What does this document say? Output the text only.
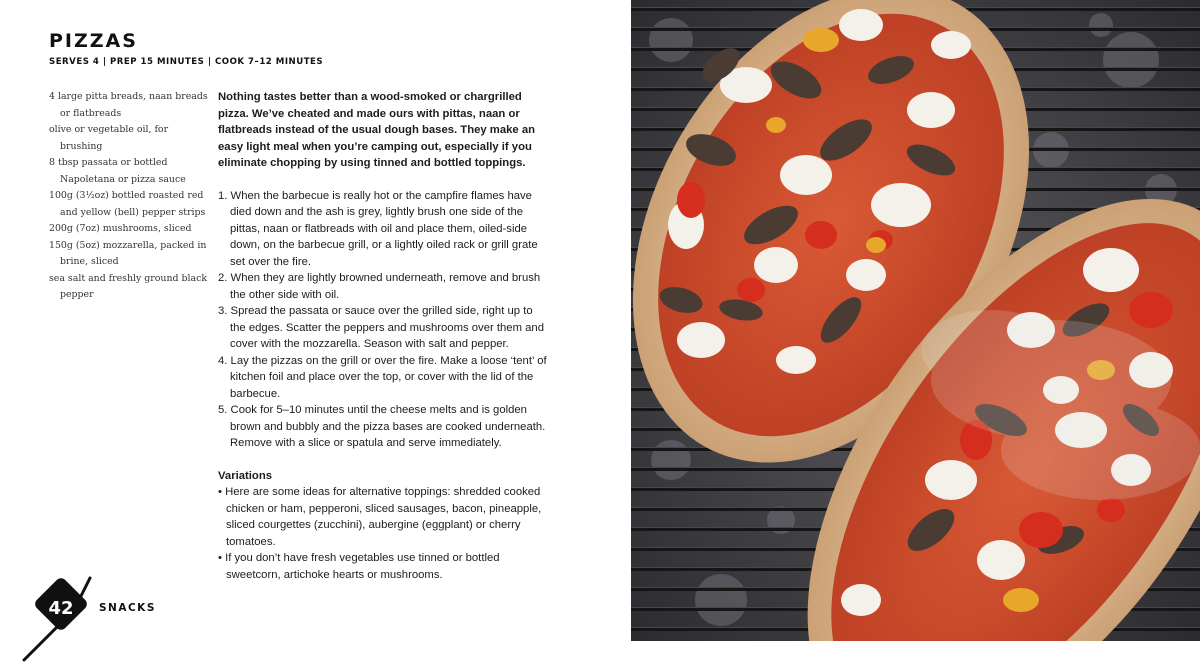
PIZZAS
SERVES 4 | PREP 15 MINUTES | COOK 7–12 MINUTES
4 large pitta breads, naan breads or flatbreads
olive or vegetable oil, for brushing
8 tbsp passata or bottled Napoletana or pizza sauce
100g (3½oz) bottled roasted red and yellow (bell) pepper strips
200g (7oz) mushrooms, sliced
150g (5oz) mozzarella, packed in brine, sliced
sea salt and freshly ground black pepper

Nothing tastes better than a wood-smoked or chargrilled pizza. We’ve cheated and made ours with pittas, naan or flatbreads instead of the usual dough bases. They make an easy light meal when you’re camping out, especially if you eliminate chopping by using tinned and bottled toppings.

1. When the barbecue is really hot or the campfire flames have died down and the ash is grey, lightly brush one side of the pittas, naan or flatbreads with oil and place them, oiled-side down, on the barbecue grill, or a lightly oiled rack or grill grate set over the fire.
2. When they are lightly browned underneath, remove and brush the other side with oil.
3. Spread the passata or sauce over the grilled side, right up to the edges. Scatter the peppers and mushrooms over them and cover with the mozzarella. Season with salt and pepper.
4. Lay the pizzas on the grill or over the fire. Make a loose ‘tent’ of kitchen foil and place over the top, or cover with the lid of the barbecue.
5. Cook for 5–10 minutes until the cheese melts and is golden brown and bubbly and the pizza bases are cooked underneath. Remove with a slice or spatula and serve immediately.

Variations

• Here are some ideas for alternative toppings: shredded cooked chicken or ham, pepperoni, sliced sausages, bacon, pineapple, sliced courgettes (zucchini), aubergine (eggplant) or cherry tomatoes.
• If you don’t have fresh vegetables use tinned or bottled sweetcorn, artichoke hearts or mushrooms.
42 SNACKS
